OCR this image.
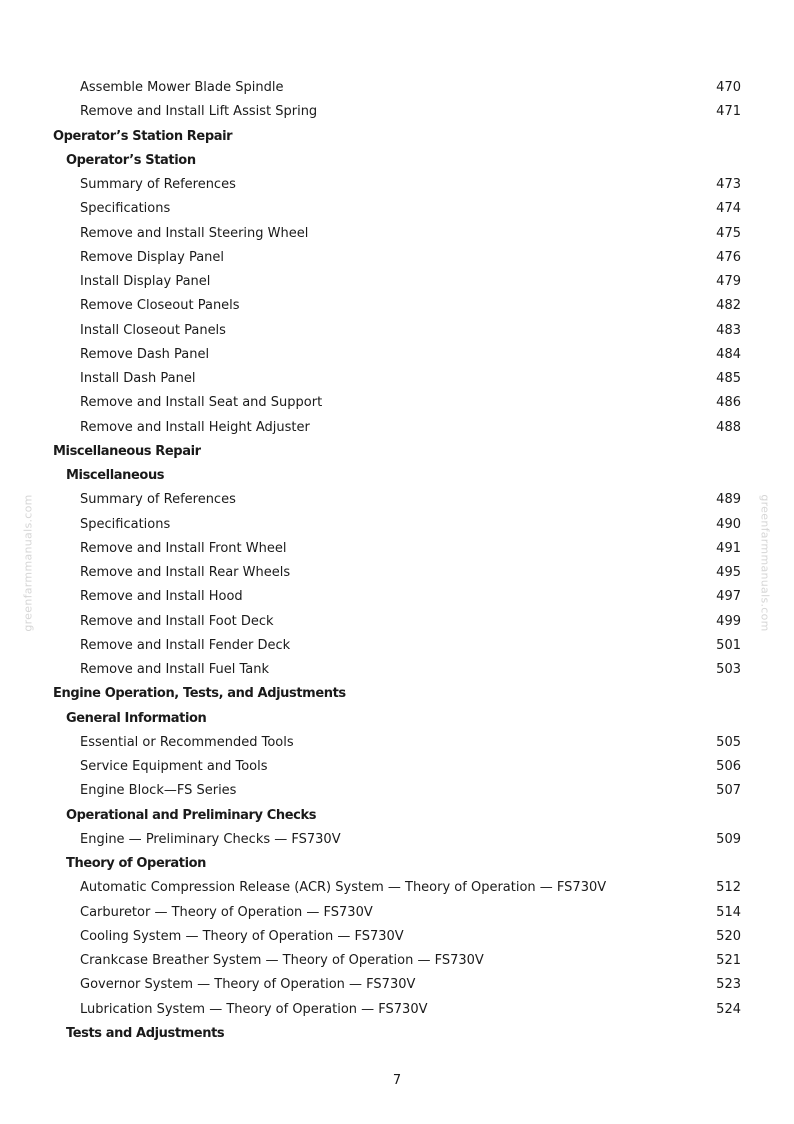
greenfarmmanuals.com	greenfarmmanuals.com
Assemble Mower Blade Spindle	470
Remove and Install Lift Assist Spring	471
Operator’s Station Repair
Operator’s Station
Summary of References	473
Specifications	474
Remove and Install Steering Wheel	475
Remove Display Panel	476
Install Display Panel	479
Remove Closeout Panels	482
Install Closeout Panels	483
Remove Dash Panel	484
Install Dash Panel	485
Remove and Install Seat and Support	486
Remove and Install Height Adjuster	488
Miscellaneous Repair
Miscellaneous
Summary of References	489
Specifications	490
Remove and Install Front Wheel	491
Remove and Install Rear Wheels	495
Remove and Install Hood	497
Remove and Install Foot Deck	499
Remove and Install Fender Deck	501
Remove and Install Fuel Tank	503
Engine Operation, Tests, and Adjustments
General Information
Essential or Recommended Tools	505
Service Equipment and Tools	506
Engine Block—FS Series	507
Operational and Preliminary Checks
Engine — Preliminary Checks — FS730V	509
Theory of Operation
Automatic Compression Release (ACR) System — Theory of Operation — FS730V	512
Carburetor — Theory of Operation — FS730V	514
Cooling System — Theory of Operation — FS730V	520
Crankcase Breather System — Theory of Operation — FS730V	521
Governor System — Theory of Operation — FS730V	523
Lubrication System — Theory of Operation — FS730V	524
Tests and Adjustments
7
